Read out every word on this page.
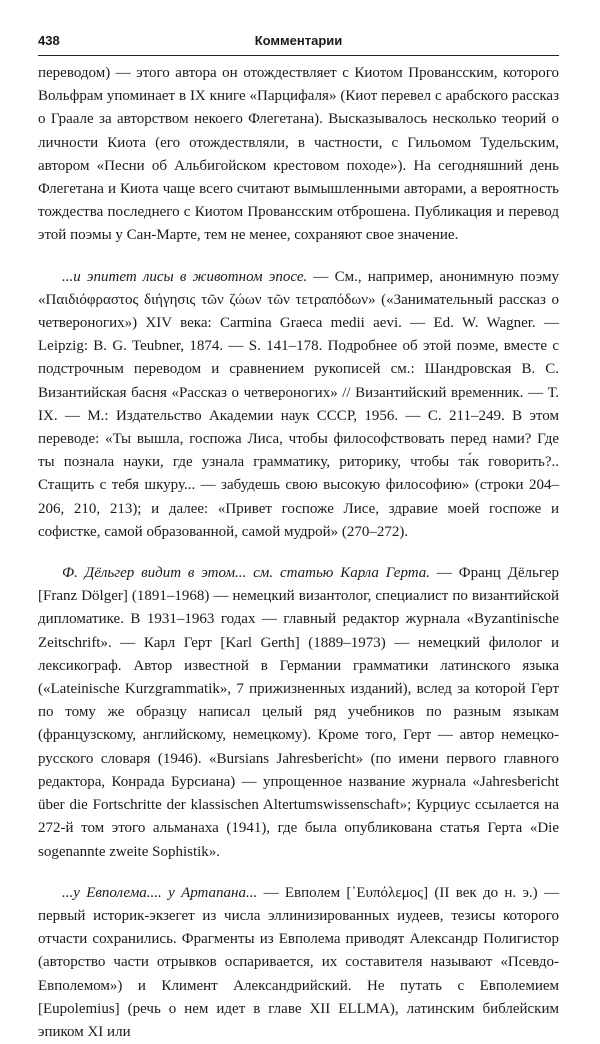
438	Комментарии

переводом) — этого автора он отождествляет с Киотом Провансским, которого Вольфрам упоминает в IX книге «Парцифаля» (Киот перевел с арабского рассказ о Граале за авторством некоего Флегетана). Высказывалось несколько теорий о личности Киота (его отождествляли, в частности, с Гильомом Тудельским, автором «Песни об Альбигойском крестовом походе»). На сегодняшний день Флегетана и Киота чаще всего считают вымышленными авторами, а вероятность тождества последнего с Киотом Провансским отброшена. Публикация и перевод этой поэмы у Сан-Марте, тем не менее, сохраняют свое значение.

...и эпитет лисы в животном эпосе. — См., например, анонимную поэму «Παιδιόφραστος διήγησις τῶν ζώων τῶν τετραπόδων» («Занимательный рассказ о четвероногих») XIV века: Carmina Graeca medii aevi. — Ed. W. Wagner. — Leipzig: B. G. Teubner, 1874. — S. 141–178. Подробнее об этой поэме, вместе с подстрочным переводом и сравнением рукописей см.: Шандровская В. С. Византийская басня «Рассказ о четвероногих» // Византийский временник. — Т. IX. — М.: Издательство Академии наук СССР, 1956. — С. 211–249. В этом переводе: «Ты вышла, госпожа Лиса, чтобы философствовать перед нами? Где ты познала науки, где узнала грамматику, риторику, чтобы та́к говорить?.. Стащить с тебя шкуру... — забудешь свою высокую философию» (строки 204–206, 210, 213); и далее: «Привет госпоже Лисе, здравие моей госпоже и софистке, самой образованной, самой мудрой» (270–272).

Ф. Дёльгер видит в этом... см. статью Карла Герта. — Франц Дёльгер [Franz Dölger] (1891–1968) — немецкий византолог, специалист по византийской дипломатике. В 1931–1963 годах — главный редактор журнала «Byzantinische Zeitschrift». — Карл Герт [Karl Gerth] (1889–1973) — немецкий филолог и лексикограф. Автор известной в Германии грамматики латинского языка («Lateinische Kurzgrammatik», 7 прижизненных изданий), вслед за которой Герт по тому же образцу написал целый ряд учебников по разным языкам (французскому, английскому, немецкому). Кроме того, Герт — автор немецко-русского словаря (1946). «Bursians Jahresbericht» (по имени первого главного редактора, Конрада Бурсиана) — упрощенное название журнала «Jahresbericht über die Fortschritte der klassischen Altertumswissenschaft»; Курциус ссылается на 272-й том этого альманаха (1941), где была опубликована статья Герта «Die sogenannte zweite Sophistik».

...у Евполема.... у Артапана... — Евполем [᾽Ευπόλεμος] (II век до н. э.) — первый историк-экзегет из числа эллинизированных иудеев, тезисы которого отчасти сохранились. Фрагменты из Евполема приводят Александр Полигистор (авторство части отрывков оспаривается, их составителя называют «Псевдо-Евполемом») и Климент Александрийский. Не путать с Евполемием [Eupolemius] (речь о нем идет в главе XII ELLMA), латинским библейским эпиком XI или
